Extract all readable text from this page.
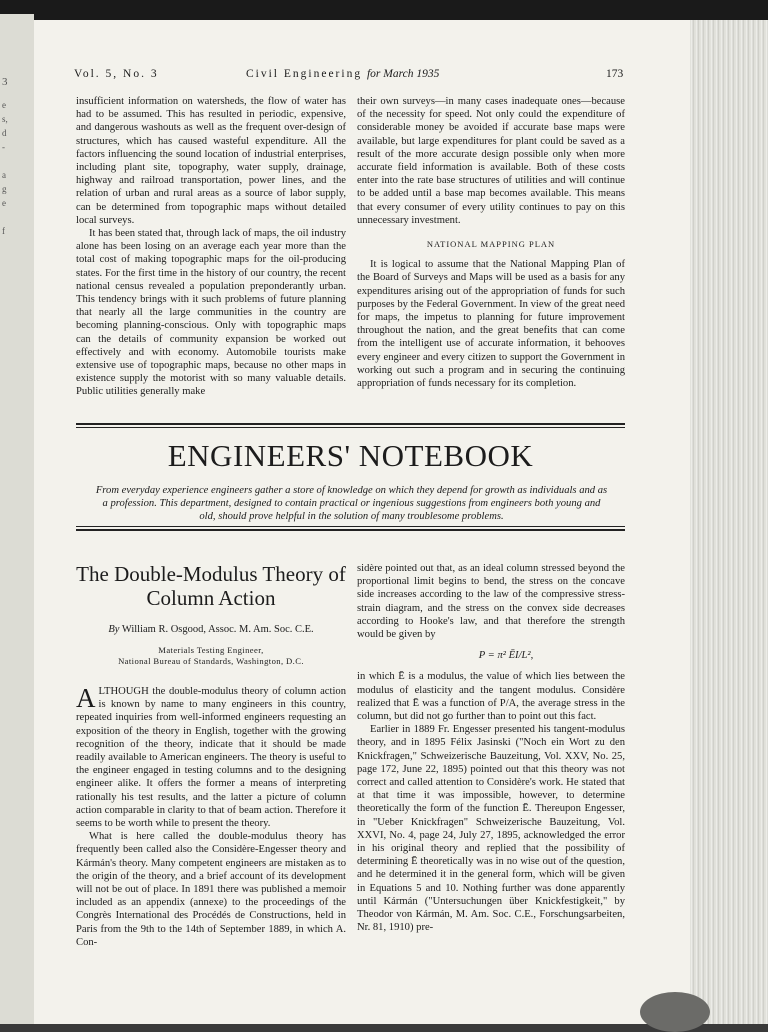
3
e
s,
d
-
a
g
e
f
Vol. 5, No. 3	Civil Engineering for March 1935	173

insufficient information on watersheds, the flow of water has had to be assumed. This has resulted in periodic, expensive, and dangerous washouts as well as the frequent over-design of structures, which has caused wasteful expenditure. All the factors influencing the sound location of industrial enterprises, including plant site, topography, water supply, drainage, highway and railroad transportation, power lines, and the relation of urban and rural areas as a source of labor supply, can be determined from topographic maps without detailed local surveys.

It has been stated that, through lack of maps, the oil industry alone has been losing on an average each year more than the total cost of making topographic maps for the oil-producing states. For the first time in the history of our country, the recent national census revealed a population preponderantly urban. This tendency brings with it such problems of future planning that nearly all the large communities in the country are becoming planning-conscious. Only with topographic maps can the details of community expansion be worked out effectively and with economy. Automobile tourists make extensive use of topographic maps, because no other maps in existence supply the motorist with so many valuable details. Public utilities generally make

their own surveys—in many cases inadequate ones—because of the necessity for speed. Not only could the expenditure of considerable money be avoided if accurate base maps were available, but large expenditures for plant could be saved as a result of the more accurate design possible only when more accurate field information is available. Both of these costs enter into the rate base structures of utilities and will continue to be added until a base map becomes available. This means that every consumer of every utility continues to pay on this unnecessary investment.

NATIONAL MAPPING PLAN

It is logical to assume that the National Mapping Plan of the Board of Surveys and Maps will be used as a basis for any expenditures arising out of the appropriation of funds for such purposes by the Federal Government. In view of the great need for maps, the impetus to planning for future improvement throughout the nation, and the great benefits that can come from the intelligent use of accurate information, it behooves every engineer and every citizen to support the Government in working out such a program and in securing the continuing appropriation of funds necessary for its completion.

ENGINEERS' NOTEBOOK
From everyday experience engineers gather a store of knowledge on which they depend for growth as individuals and as a profession. This department, designed to contain practical or ingenious suggestions from engineers both young and old, should prove helpful in the solution of many troublesome problems.
The Double-Modulus Theory of Column Action
By William R. Osgood, Assoc. M. Am. Soc. C.E.
Materials Testing Engineer,
National Bureau of Standards, Washington, D.C.

ALTHOUGH the double-modulus theory of column action is known by name to many engineers in this country, repeated inquiries from well-informed engineers requesting an exposition of the theory in English, together with the growing recognition of the theory, indicate that it should be made readily available to American engineers. The theory is useful to the engineer engaged in testing columns and to the designing engineer alike. It offers the former a means of interpreting rationally his test results, and the latter a picture of column action comparable in clarity to that of beam action. Therefore it seems to be worth while to present the theory.

What is here called the double-modulus theory has frequently been called also the Considère-Engesser theory and Kármán's theory. Many competent engineers are mistaken as to the origin of the theory, and a brief account of its development will not be out of place. In 1891 there was published a memoir included as an appendix (annexe) to the proceedings of the Congrès International des Procédés de Constructions, held in Paris from the 9th to the 14th of September 1889, in which A. Con-

sidère pointed out that, as an ideal column stressed beyond the proportional limit begins to bend, the stress on the concave side increases according to the law of the compressive stress-strain diagram, and the stress on the convex side decreases according to Hooke's law, and that therefore the strength would be given by

P = π² ĒI/L²,

in which Ē is a modulus, the value of which lies between the modulus of elasticity and the tangent modulus. Considère realized that Ē was a function of P/A, the average stress in the column, but did not go further than to point out this fact.

Earlier in 1889 Fr. Engesser presented his tangent-modulus theory, and in 1895 Félix Jasinski ("Noch ein Wort zu den Knickfragen," Schweizerische Bauzeitung, Vol. XXV, No. 25, page 172, June 22, 1895) pointed out that this theory was not correct and called attention to Considère's work. He stated that at that time it was impossible, however, to determine theoretically the form of the function Ē. Thereupon Engesser, in "Ueber Knickfragen" Schweizerische Bauzeitung, Vol. XXVI, No. 4, page 24, July 27, 1895, acknowledged the error in his original theory and replied that the possibility of determining Ē theoretically was in no wise out of the question, and he determined it in the general form, which will be given in Equations 5 and 10. Nothing further was done apparently until Kármán ("Untersuchungen über Knickfestigkeit," by Theodor von Kármán, M. Am. Soc. C.E., Forschungsarbeiten, Nr. 81, 1910) pre-
